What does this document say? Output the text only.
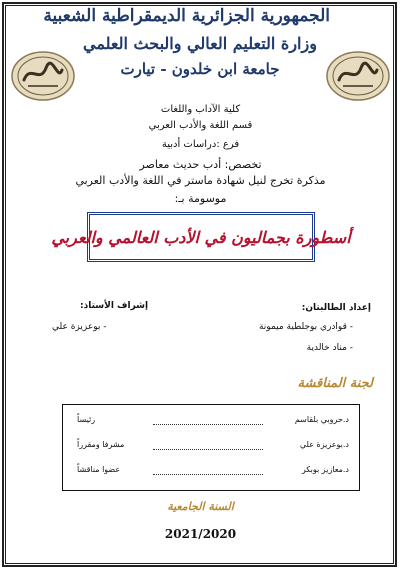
الجمهورية الجزائرية الديمقراطية الشعبية
وزارة التعليم العالي والبحث العلمي
جامعة ابن خلدون - تيارت
كلية الآداب واللغات
قسم اللغة والأدب العربي
فرع :دراسات أدبية
تخصص: أدب حديث معاصر
مذكرة تخرج لنيل شهادة ماستر في اللغة والأدب العربي
موسومة بـ:
أسطورة بجماليون في الأدب العالمي والعربي
إعداد الطالبتان:
إشراف الأستاذ:
- قوادري بوجلطية ميمونة
- مناد خالدية
- بوعزيزة علي
لجنة المناقشة
د.حروبي بلقاسم
رئيساً
د.بوعزيزة علي
مشرفا ومقرراً
د.معازيز بوبكر
عضوا مناقشاً
السنة الجامعية
2021/2020
